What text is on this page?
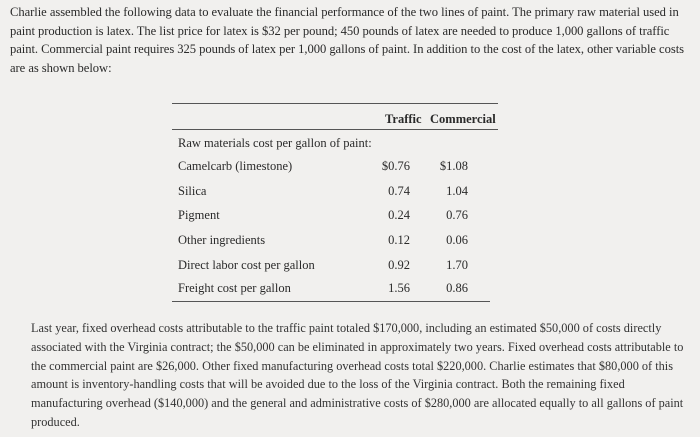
Charlie assembled the following data to evaluate the financial performance of the two lines of paint. The primary raw material used in paint production is latex. The list price for latex is $32 per pound; 450 pounds of latex are needed to produce 1,000 gallons of traffic paint. Commercial paint requires 325 pounds of latex per 1,000 gallons of paint. In addition to the cost of the latex, other variable costs are as shown below:
Traffic Commercial
Raw materials cost per gallon of paint:
Camelcarb (limestone)	$0.76 $1.08
Silica	0.74	1.04
Pigment	0.24	0.76
Other ingredients	0.12	0.06
Direct labor cost per gallon	0.92	1.70
Freight cost per gallon	1.56	0.86
Last year, fixed overhead costs attributable to the traffic paint totaled $170,000, including an estimated $50,000 of costs directly associated with the Virginia contract; the $50,000 can be eliminated in approximately two years. Fixed overhead costs attributable to the commercial paint are $26,000. Other fixed manufacturing overhead costs total $220,000. Charlie estimates that $80,000 of this amount is inventory-handling costs that will be avoided due to the loss of the Virginia contract. Both the remaining fixed manufacturing overhead ($140,000) and the general and administrative costs of $280,000 are allocated equally to all gallons of paint produced.
